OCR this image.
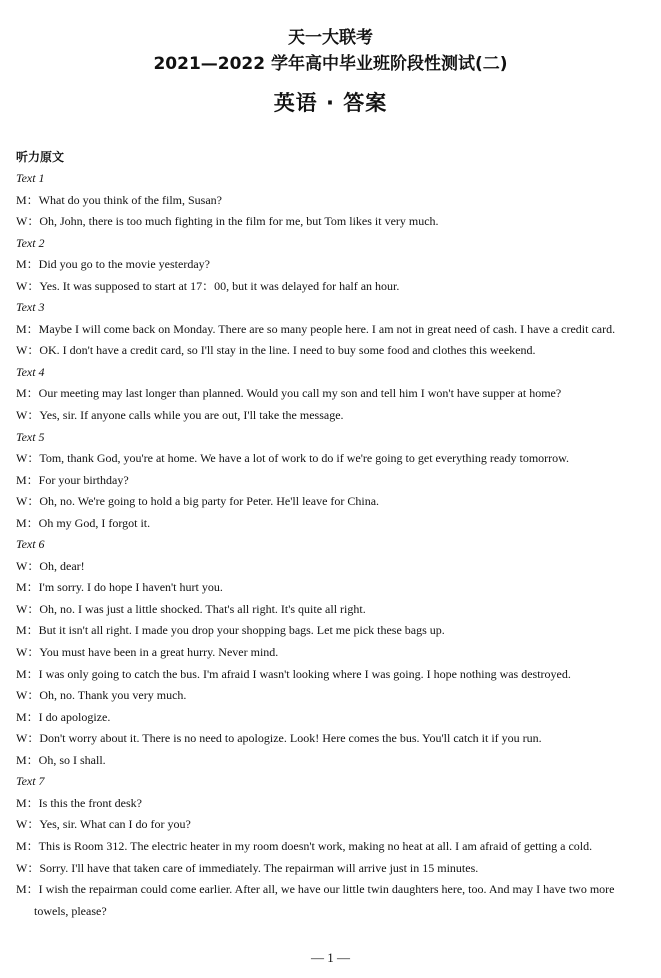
天一大联考
2021—2022 学年高中毕业班阶段性测试(二)
英语 · 答案
听力原文
Text 1
M：What do you think of the film, Susan?
W：Oh, John, there is too much fighting in the film for me, but Tom likes it very much.
Text 2
M：Did you go to the movie yesterday?
W：Yes. It was supposed to start at 17：00, but it was delayed for half an hour.
Text 3
M：Maybe I will come back on Monday. There are so many people here. I am not in great need of cash. I have a credit card.
W：OK. I don't have a credit card, so I'll stay in the line. I need to buy some food and clothes this weekend.
Text 4
M：Our meeting may last longer than planned. Would you call my son and tell him I won't have supper at home?
W：Yes, sir. If anyone calls while you are out, I'll take the message.
Text 5
W：Tom, thank God, you're at home. We have a lot of work to do if we're going to get everything ready tomorrow.
M：For your birthday?
W：Oh, no. We're going to hold a big party for Peter. He'll leave for China.
M：Oh my God, I forgot it.
Text 6
W：Oh, dear!
M：I'm sorry. I do hope I haven't hurt you.
W：Oh, no. I was just a little shocked. That's all right. It's quite all right.
M：But it isn't all right. I made you drop your shopping bags. Let me pick these bags up.
W：You must have been in a great hurry. Never mind.
M：I was only going to catch the bus. I'm afraid I wasn't looking where I was going. I hope nothing was destroyed.
W：Oh, no. Thank you very much.
M：I do apologize.
W：Don't worry about it. There is no need to apologize. Look! Here comes the bus. You'll catch it if you run.
M：Oh, so I shall.
Text 7
M：Is this the front desk?
W：Yes, sir. What can I do for you?
M：This is Room 312. The electric heater in my room doesn't work, making no heat at all. I am afraid of getting a cold.
W：Sorry. I'll have that taken care of immediately. The repairman will arrive just in 15 minutes.
M：I wish the repairman could come earlier. After all, we have our little twin daughters here, too. And may I have two more towels, please?
— 1 —
